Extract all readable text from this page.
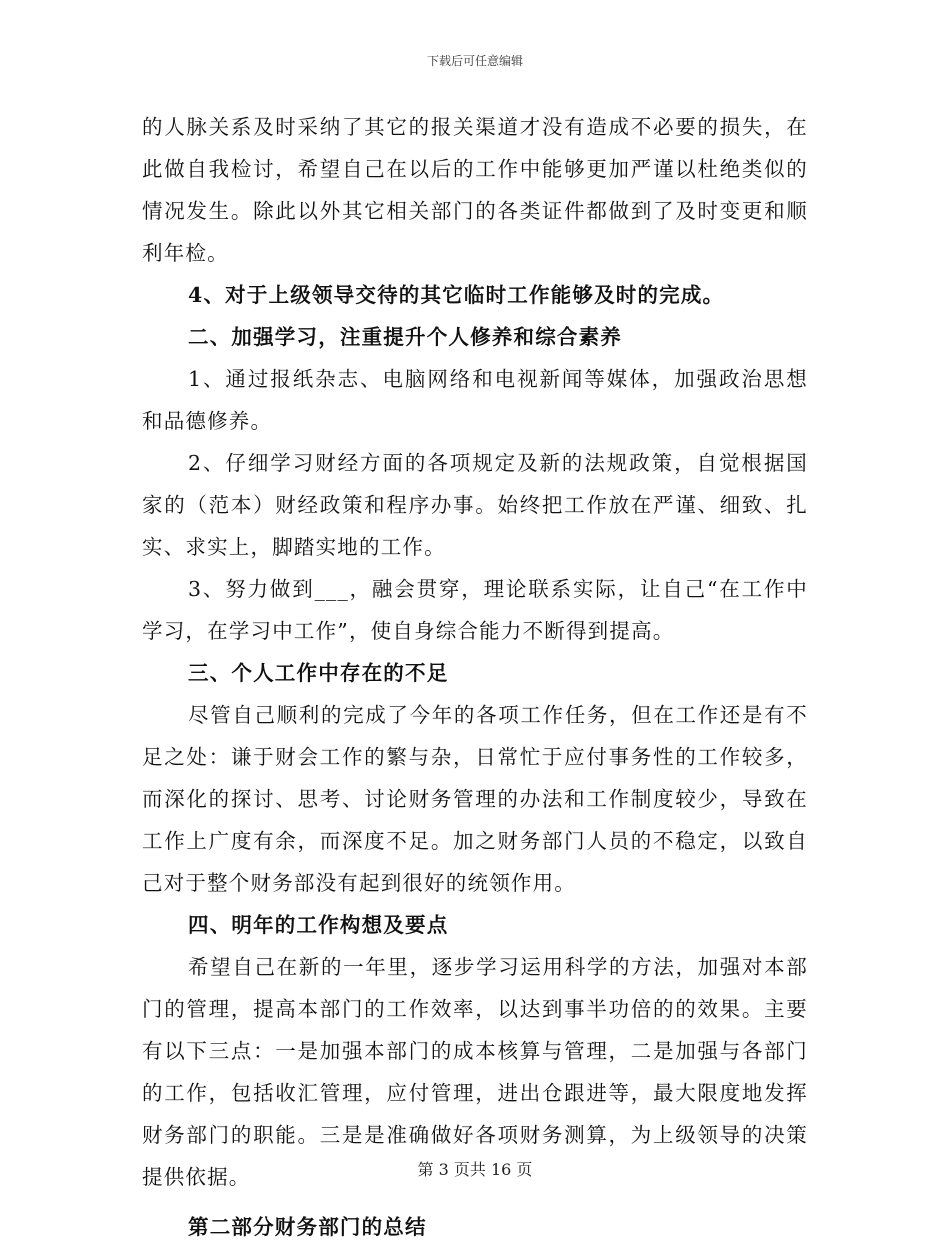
下载后可任意编辑

的人脉关系及时采纳了其它的报关渠道才没有造成不必要的损失，在此做自我检讨，希望自己在以后的工作中能够更加严谨以杜绝类似的情况发生。除此以外其它相关部门的各类证件都做到了及时变更和顺利年检。

4、对于上级领导交待的其它临时工作能够及时的完成。

二、加强学习，注重提升个人修养和综合素养

1、通过报纸杂志、电脑网络和电视新闻等媒体，加强政治思想和品德修养。

2、仔细学习财经方面的各项规定及新的法规政策，自觉根据国家的（范本）财经政策和程序办事。始终把工作放在严谨、细致、扎实、求实上，脚踏实地的工作。

3、努力做到___，融会贯穿，理论联系实际，让自己“在工作中学习，在学习中工作”，使自身综合能力不断得到提高。

三、个人工作中存在的不足

尽管自己顺利的完成了今年的各项工作任务，但在工作还是有不足之处：谦于财会工作的繁与杂，日常忙于应付事务性的工作较多，而深化的探讨、思考、讨论财务管理的办法和工作制度较少，导致在工作上广度有余，而深度不足。加之财务部门人员的不稳定，以致自己对于整个财务部没有起到很好的统领作用。

四、明年的工作构想及要点

希望自己在新的一年里，逐步学习运用科学的方法，加强对本部门的管理，提高本部门的工作效率，以达到事半功倍的的效果。主要有以下三点：一是加强本部门的成本核算与管理，二是加强与各部门的工作，包括收汇管理，应付管理，进出仓跟进等，最大限度地发挥财务部门的职能。三是是准确做好各项财务测算，为上级领导的决策提供依据。

第二部分财务部门的总结

第 3 页共 16 页
